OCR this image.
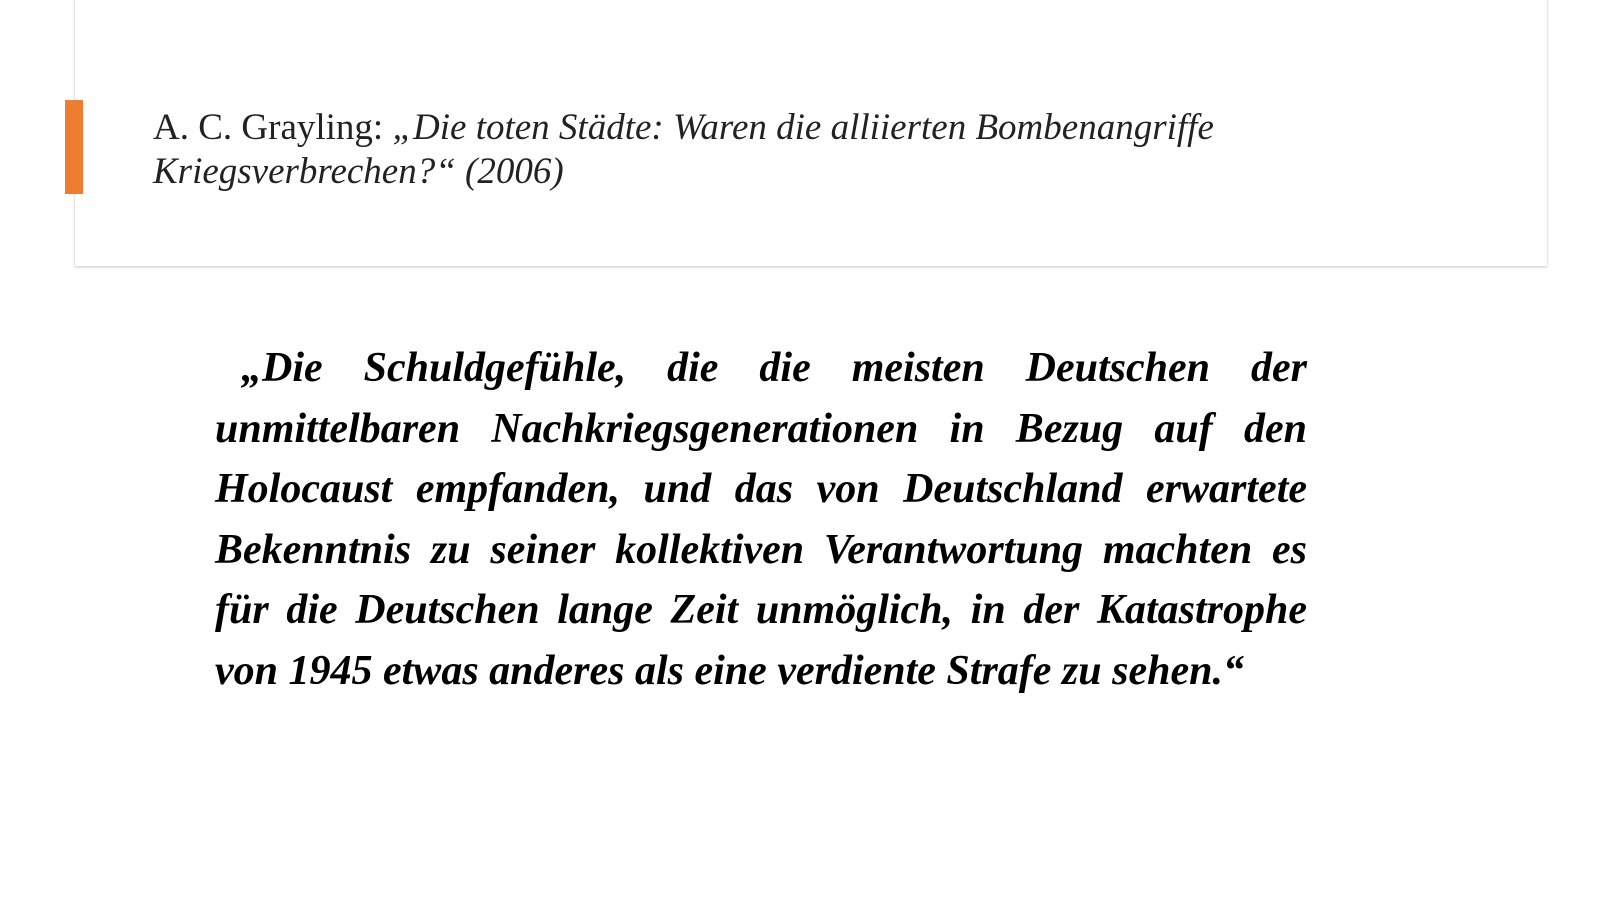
A. C. Grayling: „Die toten Städte: Waren die alliierten Bombenangriffe Kriegsverbrechen?“ (2006)

„Die Schuldgefühle, die die meisten Deutschen der unmittelbaren Nachkriegsgenerationen in Bezug auf den Holocaust empfanden, und das von Deutschland erwartete Bekenntnis zu seiner kollektiven Verantwortung machten es für die Deutschen lange Zeit unmöglich, in der Katastrophe von 1945 etwas anderes als eine verdiente Strafe zu sehen.“
